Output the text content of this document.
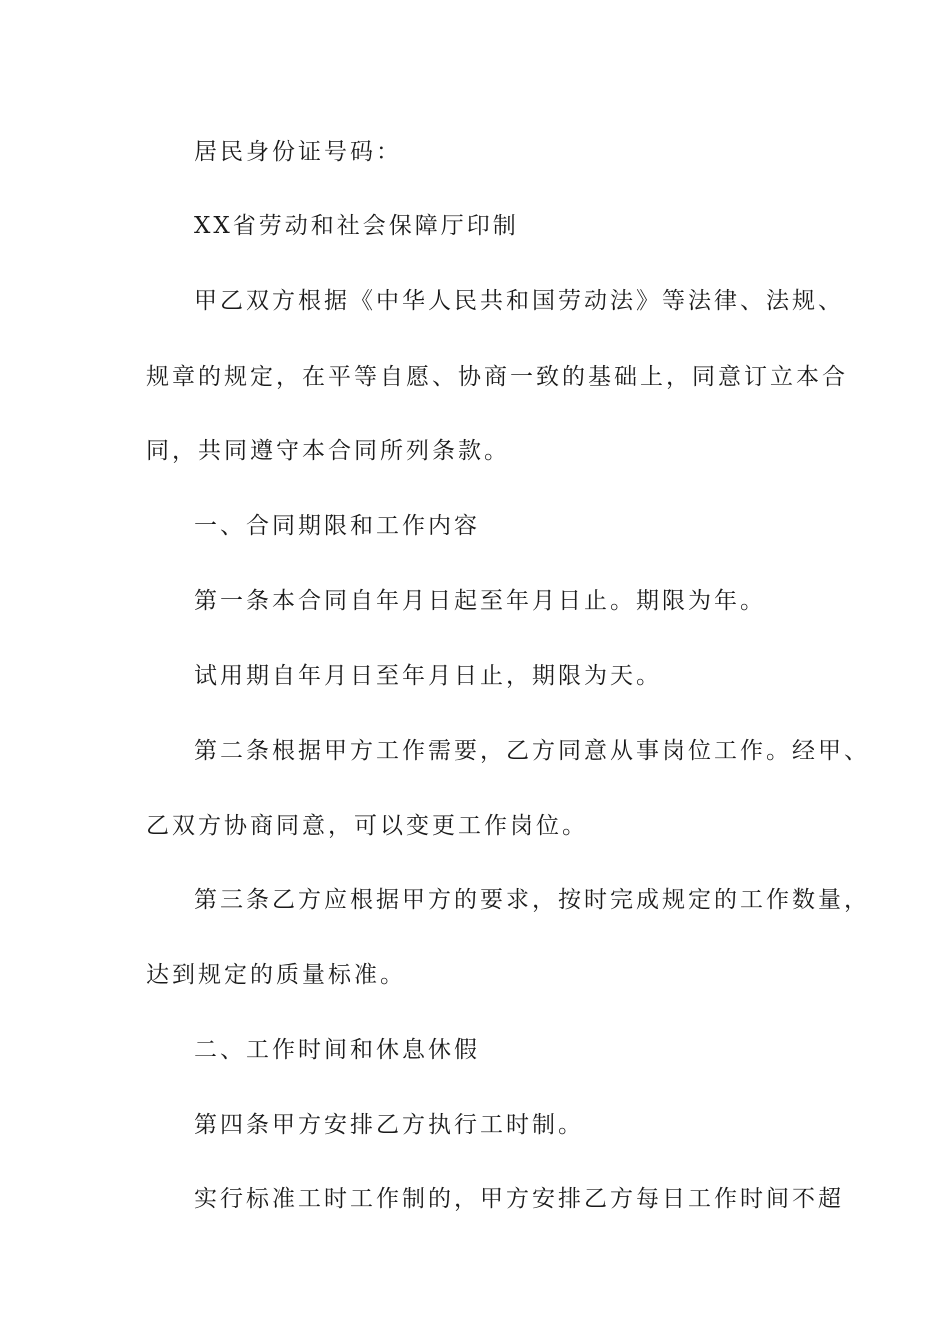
居民身份证号码：
XX省劳动和社会保障厅印制
甲乙双方根据《中华人民共和国劳动法》等法律、法规、
规章的规定，在平等自愿、协商一致的基础上，同意订立本合
同，共同遵守本合同所列条款。
一、合同期限和工作内容
第一条本合同自年月日起至年月日止。期限为年。
试用期自年月日至年月日止，期限为天。
第二条根据甲方工作需要，乙方同意从事岗位工作。经甲、
乙双方协商同意，可以变更工作岗位。
第三条乙方应根据甲方的要求，按时完成规定的工作数量，
达到规定的质量标准。
二、工作时间和休息休假
第四条甲方安排乙方执行工时制。
实行标准工时工作制的，甲方安排乙方每日工作时间不超
